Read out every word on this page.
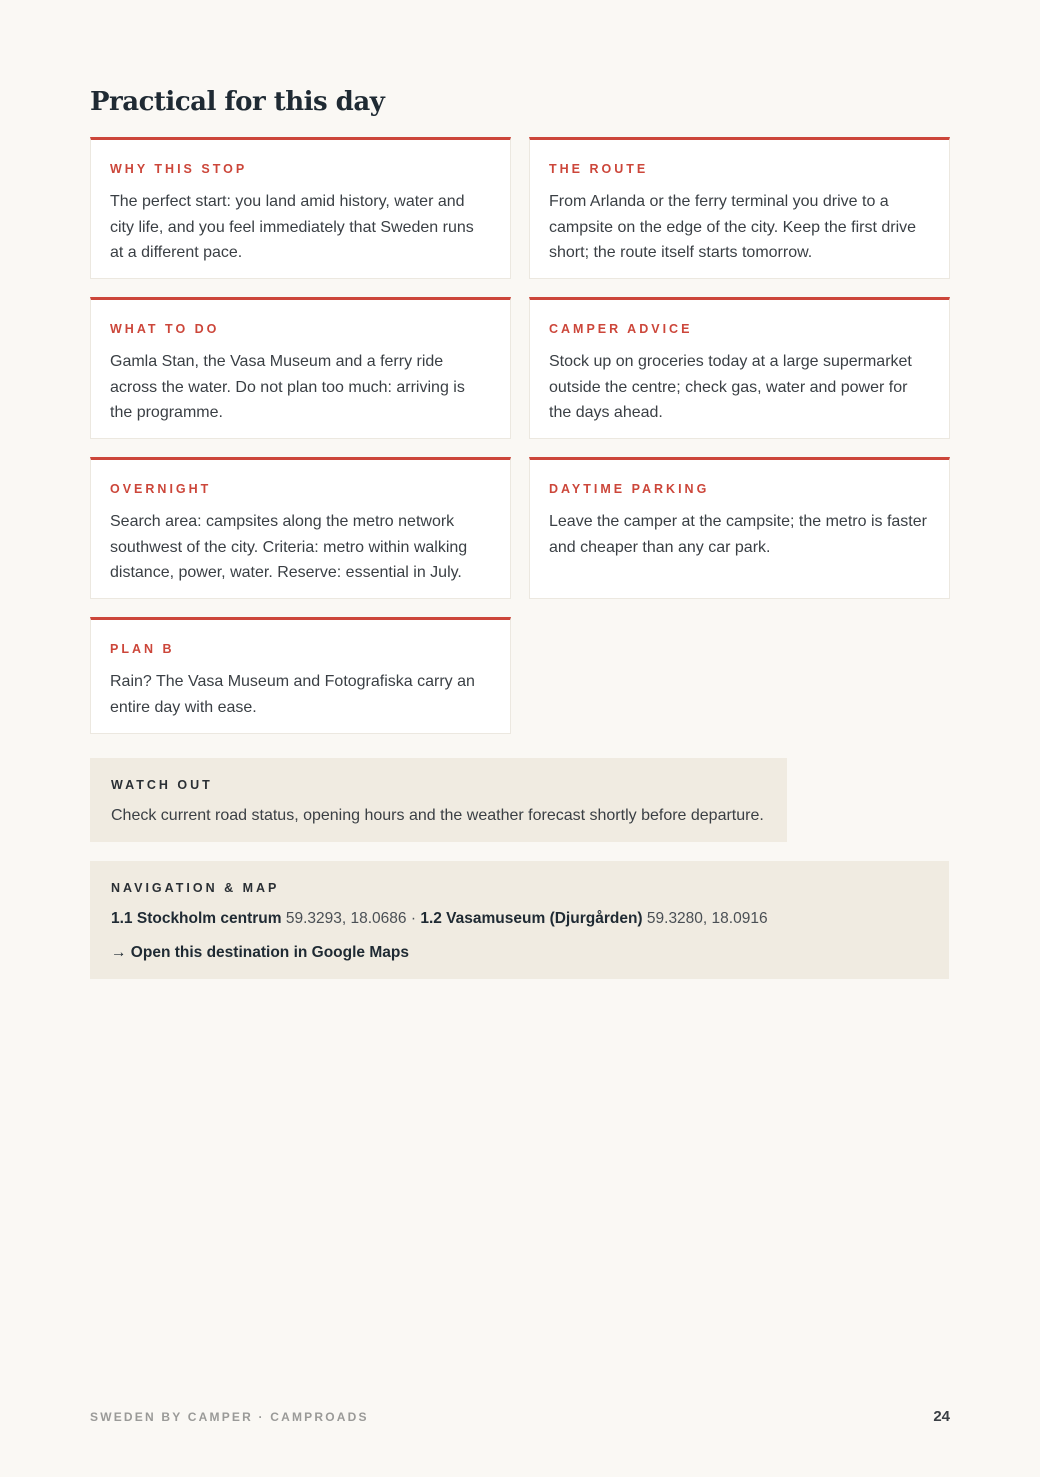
Practical for this day
WHY THIS STOP
The perfect start: you land amid history, water and city life, and you feel immediately that Sweden runs at a different pace.
THE ROUTE
From Arlanda or the ferry terminal you drive to a campsite on the edge of the city. Keep the first drive short; the route itself starts tomorrow.
WHAT TO DO
Gamla Stan, the Vasa Museum and a ferry ride across the water. Do not plan too much: arriving is the programme.
CAMPER ADVICE
Stock up on groceries today at a large supermarket outside the centre; check gas, water and power for the days ahead.
OVERNIGHT
Search area: campsites along the metro network southwest of the city. Criteria: metro within walking distance, power, water. Reserve: essential in July.
DAYTIME PARKING
Leave the camper at the campsite; the metro is faster and cheaper than any car park.
PLAN B
Rain? The Vasa Museum and Fotografiska carry an entire day with ease.
WATCH OUT
Check current road status, opening hours and the weather forecast shortly before departure.
NAVIGATION & MAP
1.1 Stockholm centrum 59.3293, 18.0686 · 1.2 Vasamuseum (Djurgården) 59.3280, 18.0916
→ Open this destination in Google Maps
SWEDEN BY CAMPER · CAMPROADS	24
